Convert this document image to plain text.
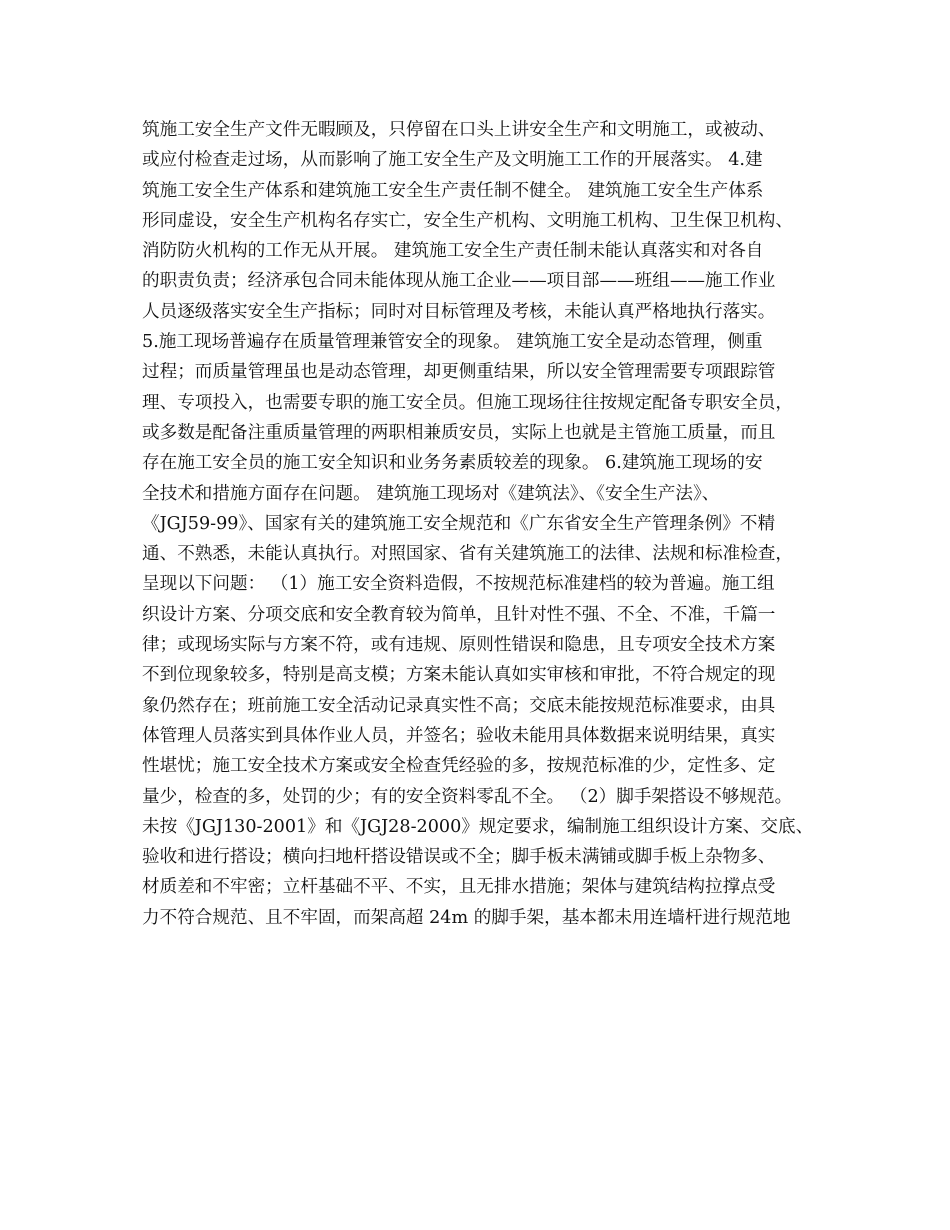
筑施工安全生产文件无暇顾及，只停留在口头上讲安全生产和文明施工，或被动、
或应付检查走过场，从而影响了施工安全生产及文明施工工作的开展落实。 4.建
筑施工安全生产体系和建筑施工安全生产责任制不健全。 建筑施工安全生产体系
形同虚设，安全生产机构名存实亡，安全生产机构、文明施工机构、卫生保卫机构、
消防防火机构的工作无从开展。 建筑施工安全生产责任制未能认真落实和对各自
的职责负责；经济承包合同未能体现从施工企业——项目部——班组——施工作业
人员逐级落实安全生产指标；同时对目标管理及考核，未能认真严格地执行落实。
5.施工现场普遍存在质量管理兼管安全的现象。 建筑施工安全是动态管理，侧重
过程；而质量管理虽也是动态管理，却更侧重结果，所以安全管理需要专项跟踪管
理、专项投入，也需要专职的施工安全员。但施工现场往往按规定配备专职安全员，
或多数是配备注重质量管理的两职相兼质安员，实际上也就是主管施工质量，而且
存在施工安全员的施工安全知识和业务务素质较差的现象。 6.建筑施工现场的安
全技术和措施方面存在问题。 建筑施工现场对《建筑法》、《安全生产法》、
《JGJ59-99》、国家有关的建筑施工安全规范和《广东省安全生产管理条例》不精
通、不熟悉，未能认真执行。对照国家、省有关建筑施工的法律、法规和标准检查，
呈现以下问题： （1）施工安全资料造假，不按规范标准建档的较为普遍。施工组
织设计方案、分项交底和安全教育较为简单，且针对性不强、不全、不准，千篇一
律；或现场实际与方案不符，或有违规、原则性错误和隐患，且专项安全技术方案
不到位现象较多，特别是高支模；方案未能认真如实审核和审批，不符合规定的现
象仍然存在；班前施工安全活动记录真实性不高；交底未能按规范标准要求，由具
体管理人员落实到具体作业人员，并签名；验收未能用具体数据来说明结果，真实
性堪忧；施工安全技术方案或安全检查凭经验的多，按规范标准的少，定性多、定
量少，检查的多，处罚的少；有的安全资料零乱不全。 （2）脚手架搭设不够规范。
未按《JGJ130-2001》和《JGJ28-2000》规定要求，编制施工组织设计方案、交底、
验收和进行搭设；横向扫地杆搭设错误或不全；脚手板未满铺或脚手板上杂物多、
材质差和不牢密；立杆基础不平、不实，且无排水措施；架体与建筑结构拉撑点受
力不符合规范、且不牢固，而架高超 24m 的脚手架，基本都未用连墙杆进行规范地
